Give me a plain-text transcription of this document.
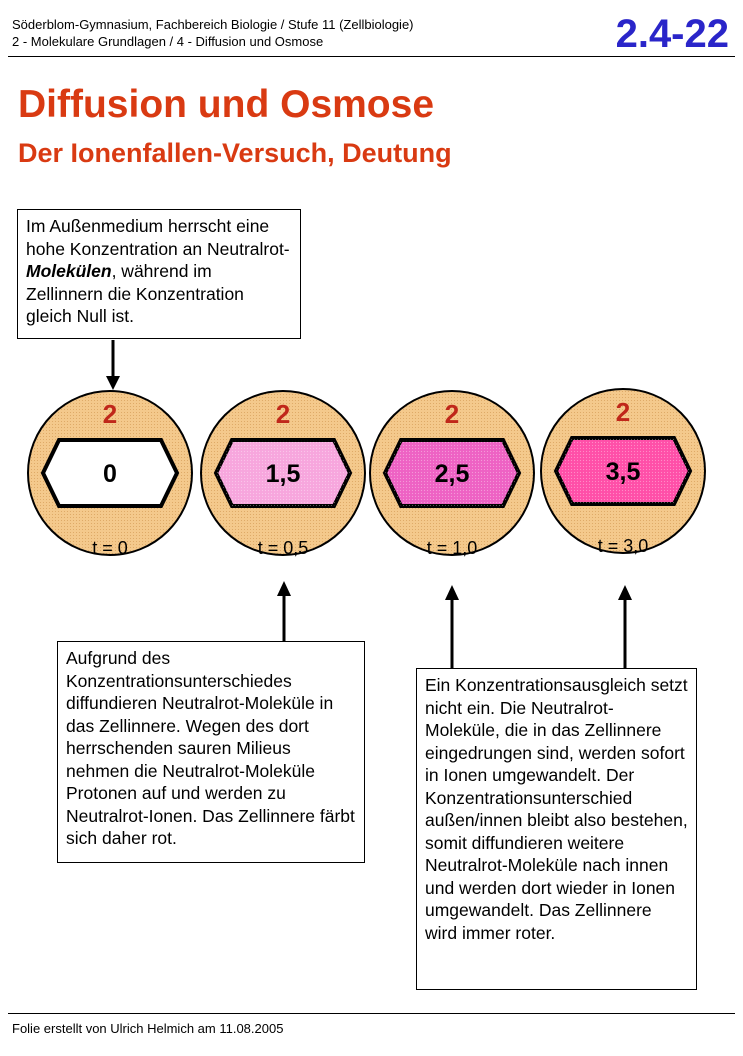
Söderblom-Gymnasium, Fachbereich Biologie / Stufe 11 (Zellbiologie)
2 - Molekulare Grundlagen / 4 - Diffusion und Osmose	2.4-22
Diffusion und Osmose
Der Ionenfallen-Versuch, Deutung
2
0
t = 0
2
1,5
t = 0,5
2
2,5
t = 1,0
2
3,5
t = 3,0
Im Außenmedium herrscht eine hohe Konzentration an Neutralrot-Molekülen, während im Zellinnern die Konzentration gleich Null ist.
Aufgrund des Konzentrationsunterschiedes diffundieren Neutralrot-Moleküle in das Zellinnere. Wegen des dort herrschenden sauren Milieus nehmen die Neutralrot-Moleküle Protonen auf und werden zu Neutralrot-Ionen. Das Zellinnere färbt sich daher rot.
Ein Konzentrationsausgleich setzt nicht ein. Die Neutralrot-Moleküle, die in das Zellinnere eingedrungen sind, werden sofort in Ionen umgewandelt. Der Konzentrationsunterschied außen/innen bleibt also bestehen, somit diffundieren weitere Neutralrot-Moleküle nach innen und werden dort wieder in Ionen umgewandelt. Das Zellinnere wird immer roter.
Folie erstellt von Ulrich Helmich am 11.08.2005
